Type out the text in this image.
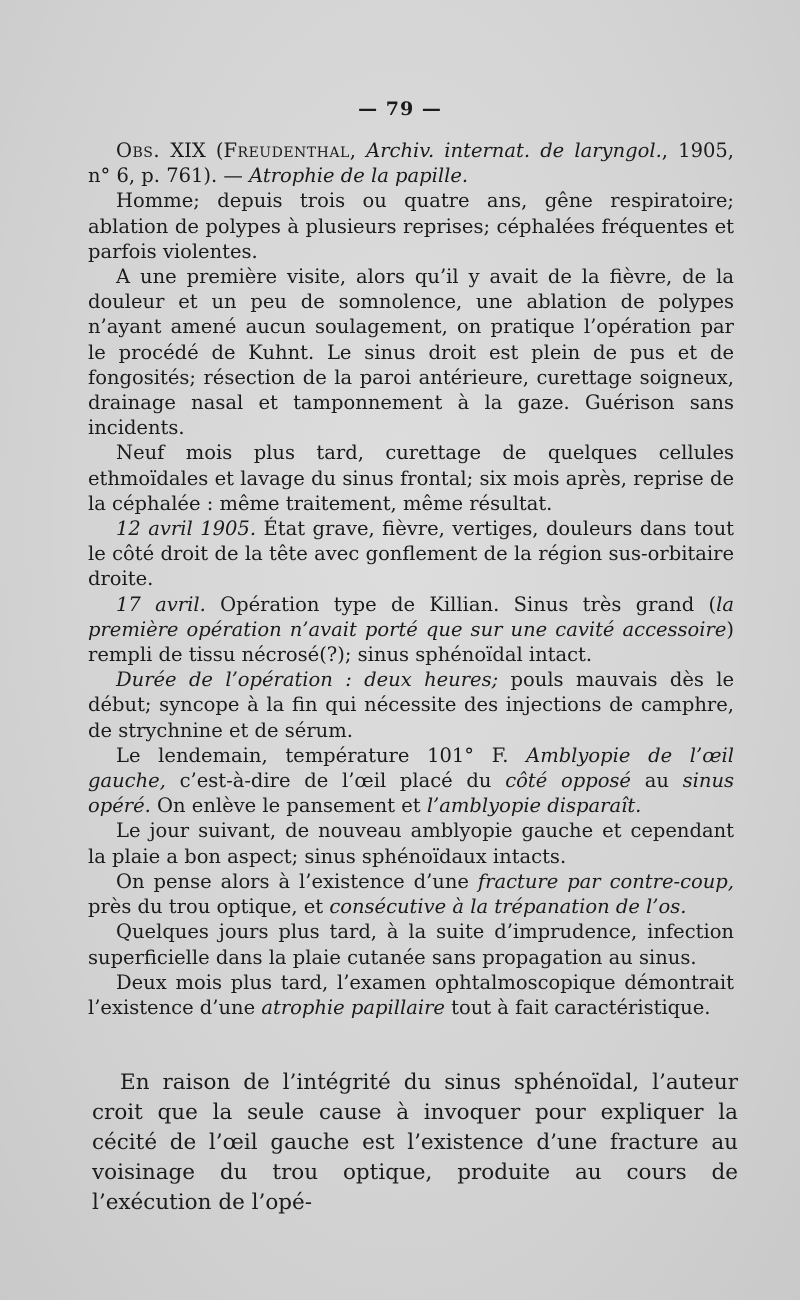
— 79 —

Obs. XIX (Freudenthal, Archiv. internat. de laryngol., 1905, n° 6, p. 761). — Atrophie de la papille.

Homme; depuis trois ou quatre ans, gêne respiratoire; ablation de polypes à plusieurs reprises; céphalées fréquentes et parfois violentes.

A une première visite, alors qu’il y avait de la fièvre, de la douleur et un peu de somnolence, une ablation de polypes n’ayant amené aucun soulagement, on pratique l’opération par le procédé de Kuhnt. Le sinus droit est plein de pus et de fongosités; résection de la paroi antérieure, curettage soigneux, drainage nasal et tamponnement à la gaze. Guérison sans incidents.

Neuf mois plus tard, curettage de quelques cellules ethmoïdales et lavage du sinus frontal; six mois après, reprise de la céphalée : même traitement, même résultat.

12 avril 1905. État grave, fièvre, vertiges, douleurs dans tout le côté droit de la tête avec gonflement de la région sus-orbitaire droite.

17 avril. Opération type de Killian. Sinus très grand (la première opération n’avait porté que sur une cavité accessoire) rempli de tissu nécrosé(?); sinus sphénoïdal intact.

Durée de l’opération : deux heures; pouls mauvais dès le début; syncope à la fin qui nécessite des injections de camphre, de strychnine et de sérum.

Le lendemain, température 101° F. Amblyopie de l’œil gauche, c’est-à-dire de l’œil placé du côté opposé au sinus opéré. On enlève le pansement et l’amblyopie disparaît.

Le jour suivant, de nouveau amblyopie gauche et cependant la plaie a bon aspect; sinus sphénoïdaux intacts.

On pense alors à l’existence d’une fracture par contre-coup, près du trou optique, et consécutive à la trépanation de l’os.

Quelques jours plus tard, à la suite d’imprudence, infection superficielle dans la plaie cutanée sans propagation au sinus.

Deux mois plus tard, l’examen ophtalmoscopique démontrait l’existence d’une atrophie papillaire tout à fait caractéristique.

En raison de l’intégrité du sinus sphénoïdal, l’auteur croit que la seule cause à invoquer pour expliquer la cécité de l’œil gauche est l’existence d’une fracture au voisinage du trou optique, produite au cours de l’exécution de l’opé-
